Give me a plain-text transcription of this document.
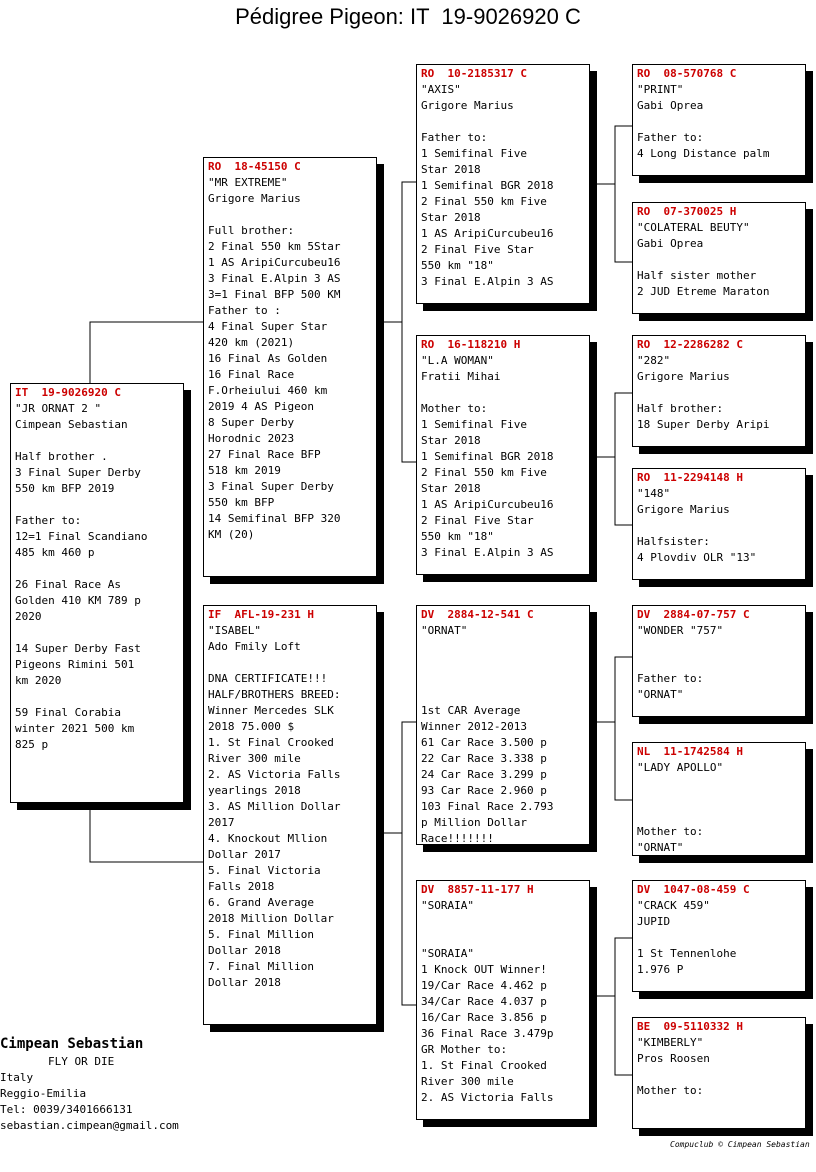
Pédigree Pigeon: IT  19-9026920 C
IT  19-9026920 C
"JR ORNAT 2 "
Cimpean Sebastian
Half brother .
3 Final Super Derby
550 km BFP 2019
Father to:
12=1 Final Scandiano
485 km 460 p
26 Final Race As
Golden 410 KM 789 p
2020
14 Super Derby Fast
Pigeons Rimini 501
km 2020
59 Final Corabia
winter 2021 500 km
825 p
RO  18-45150 C
"MR EXTREME"
Grigore Marius
Full brother:
2 Final 550 km 5Star
1 AS AripiCurcubeu16
3 Final E.Alpin 3 AS
3=1 Final BFP 500 KM
Father to :
4 Final Super Star
420 km (2021)
16 Final As Golden
16 Final Race
F.Orheiului 460 km
2019 4 AS Pigeon
8 Super Derby
Horodnic 2023
27 Final Race BFP
518 km 2019
3 Final Super Derby
550 km BFP
14 Semifinal BFP 320
KM (20)
IF  AFL-19-231 H
"ISABEL"
Ado Fmily Loft
DNA CERTIFICATE!!!
HALF/BROTHERS BREED:
Winner Mercedes SLK
2018 75.000 $
1. St Final Crooked
River 300 mile
2. AS Victoria Falls
yearlings 2018
3. AS Million Dollar
2017
4. Knockout Mllion
Dollar 2017
5. Final Victoria
Falls 2018
6. Grand Average
2018 Million Dollar
5. Final Million
Dollar 2018
7. Final Million
Dollar 2018
RO  10-2185317 C
"AXIS"
Grigore Marius
Father to:
1 Semifinal Five
Star 2018
1 Semifinal BGR 2018
2 Final 550 km Five
Star 2018
1 AS AripiCurcubeu16
2 Final Five Star
550 km "18"
3 Final E.Alpin 3 AS
RO  16-118210 H
"L.A WOMAN"
Fratii Mihai
Mother to:
1 Semifinal Five
Star 2018
1 Semifinal BGR 2018
2 Final 550 km Five
Star 2018
1 AS AripiCurcubeu16
2 Final Five Star
550 km "18"
3 Final E.Alpin 3 AS
DV  2884-12-541 C
"ORNAT"
1st CAR Average
Winner 2012-2013
61 Car Race 3.500 p
22 Car Race 3.338 p
24 Car Race 3.299 p
93 Car Race 2.960 p
103 Final Race 2.793
p Million Dollar
Race!!!!!!!
DV  8857-11-177 H
"SORAIA"
"SORAIA"
1 Knock OUT Winner!
19/Car Race 4.462 p
34/Car Race 4.037 p
16/Car Race 3.856 p
36 Final Race 3.479p
GR Mother to:
1. St Final Crooked
River 300 mile
2. AS Victoria Falls
RO  08-570768 C
"PRINT"
Gabi Oprea
Father to:
4 Long Distance palm
RO  07-370025 H
"COLATERAL BEUTY"
Gabi Oprea
Half sister mother
2 JUD Etreme Maraton
RO  12-2286282 C
"282"
Grigore Marius
Half brother:
18 Super Derby Aripi
RO  11-2294148 H
"148"
Grigore Marius
Halfsister:
4 Plovdiv OLR "13"
DV  2884-07-757 C
"WONDER "757"
Father to:
"ORNAT"
NL  11-1742584 H
"LADY APOLLO"
Mother to:
"ORNAT"
DV  1047-08-459 C
"CRACK 459"
JUPID
1 St Tennenlohe
1.976 P
BE  09-5110332 H
"KIMBERLY"
Pros Roosen
Mother to:
Cimpean Sebastian
FLY OR DIE
Italy
Reggio-Emilia
Tel: 0039/3401666131
sebastian.cimpean@gmail.com
Compuclub © Cimpean Sebastian
